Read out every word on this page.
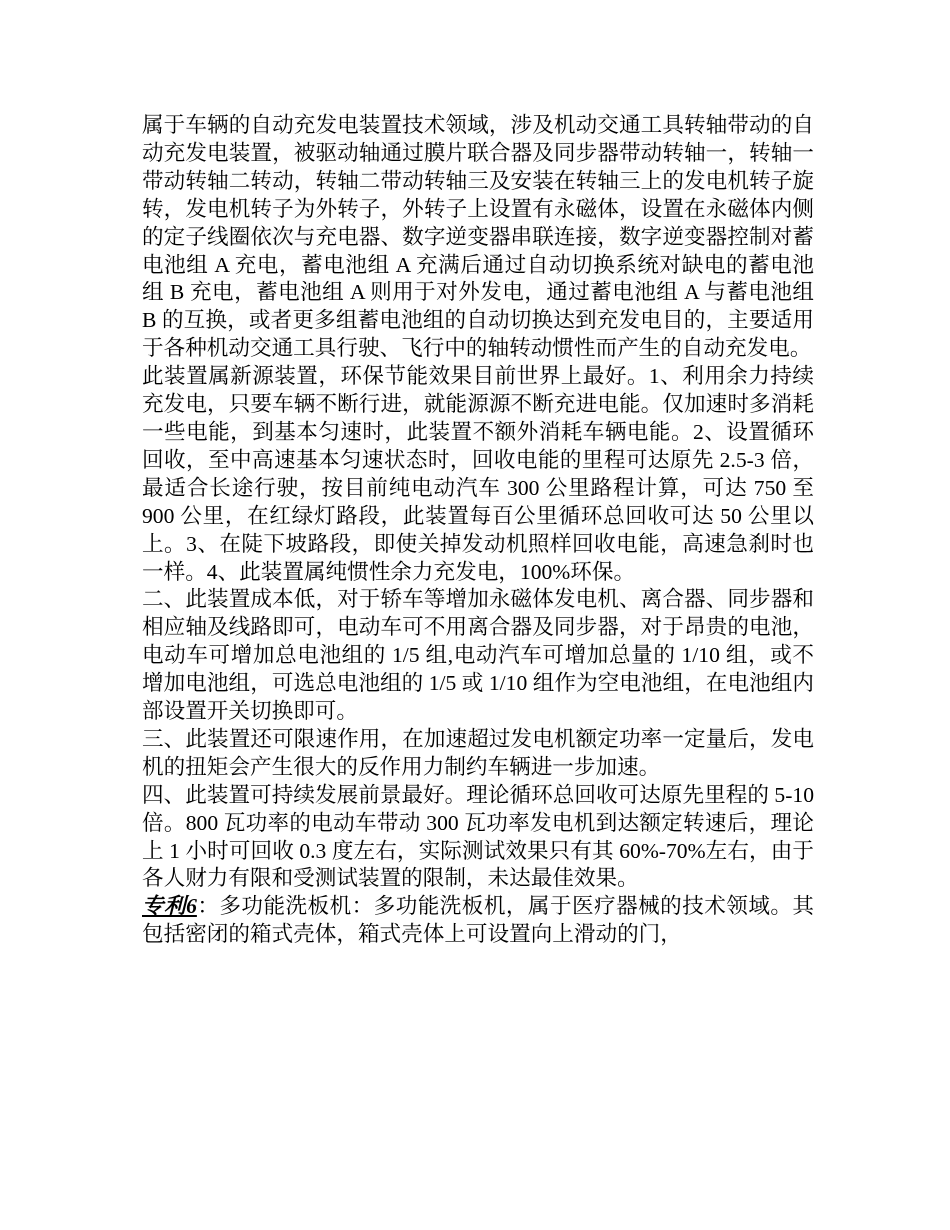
属于车辆的自动充发电装置技术领域，涉及机动交通工具转轴带动的自动充发电装置，被驱动轴通过膜片联合器及同步器带动转轴一，转轴一带动转轴二转动，转轴二带动转轴三及安装在转轴三上的发电机转子旋转，发电机转子为外转子，外转子上设置有永磁体，设置在永磁体内侧的定子线圈依次与充电器、数字逆变器串联连接，数字逆变器控制对蓄电池组 A 充电，蓄电池组 A 充满后通过自动切换系统对缺电的蓄电池组 B 充电，蓄电池组 A 则用于对外发电，通过蓄电池组 A 与蓄电池组 B 的互换，或者更多组蓄电池组的自动切换达到充发电目的，主要适用于各种机动交通工具行驶、飞行中的轴转动惯性而产生的自动充发电。

此装置属新源装置，环保节能效果目前世界上最好。1、利用余力持续充发电，只要车辆不断行进，就能源源不断充进电能。仅加速时多消耗一些电能，到基本匀速时，此装置不额外消耗车辆电能。2、设置循环回收，至中高速基本匀速状态时，回收电能的里程可达原先 2.5-3 倍，最适合长途行驶，按目前纯电动汽车 300 公里路程计算，可达 750 至 900 公里，在红绿灯路段，此装置每百公里循环总回收可达 50 公里以上。3、在陡下坡路段，即使关掉发动机照样回收电能，高速急刹时也一样。4、此装置属纯惯性余力充发电，100%环保。

二、此装置成本低，对于轿车等增加永磁体发电机、离合器、同步器和相应轴及线路即可，电动车可不用离合器及同步器，对于昂贵的电池，电动车可增加总电池组的 1/5 组,电动汽车可增加总量的 1/10 组，或不增加电池组，可选总电池组的 1/5 或 1/10 组作为空电池组，在电池组内部设置开关切换即可。

三、此装置还可限速作用，在加速超过发电机额定功率一定量后，发电机的扭矩会产生很大的反作用力制约车辆进一步加速。

四、此装置可持续发展前景最好。理论循环总回收可达原先里程的 5-10 倍。800 瓦功率的电动车带动 300 瓦功率发电机到达额定转速后，理论上 1 小时可回收 0.3 度左右，实际测试效果只有其 60%-70%左右，由于各人财力有限和受测试装置的限制，未达最佳效果。

专利6：多功能洗板机：多功能洗板机，属于医疗器械的技术领域。其包括密闭的箱式壳体，箱式壳体上可设置向上滑动的门，
